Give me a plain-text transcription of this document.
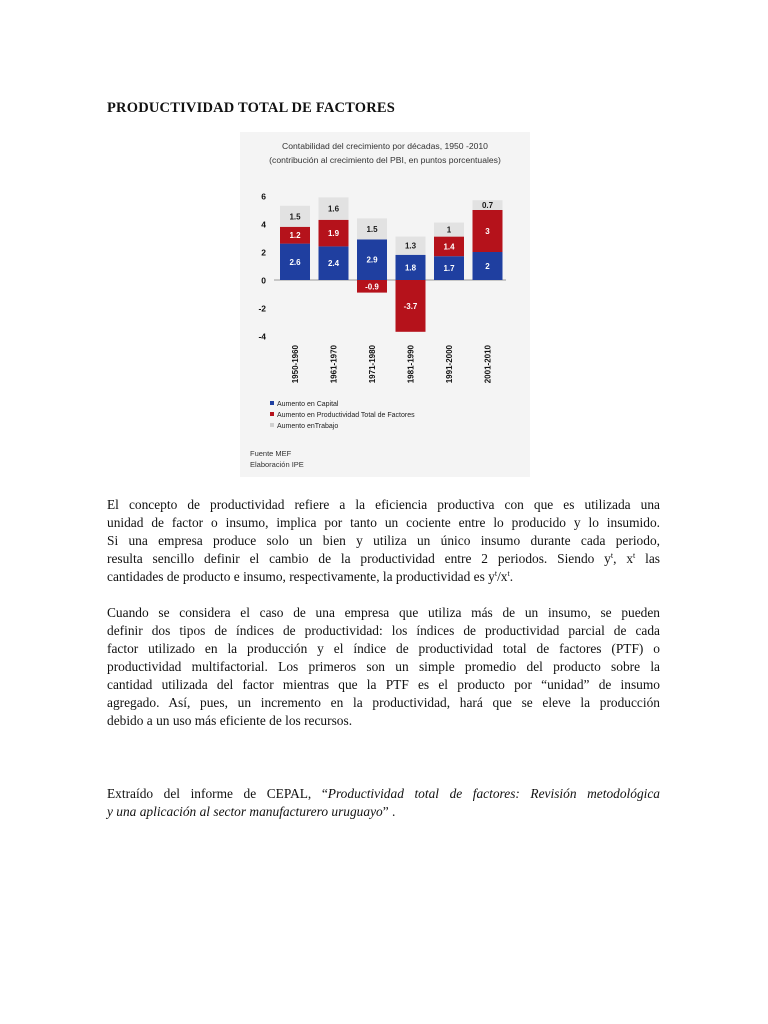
PRODUCTIVIDAD TOTAL DE FACTORES
Contabilidad del crecimiento por décadas, 1950 -2010
(contribución al crecimiento del PBI, en puntos porcentuales)
6
4
2
0
-2
-4
2.6
1.2
1.5
1950-1960
2.4
1.9
1.6
1961-1970
2.9
-0.9
1.5
1971-1980
1.8
-3.7
1.3
1981-1990
1.7
1.4
1
1991-2000
2
3
0.7
2001-2010
Aumento en Capital
Aumento en Productividad Total de Factores
Aumento enTrabajo
Fuente MEF
Elaboración IPE

El concepto de productividad refiere a la eficiencia productiva con que es utilizada una
unidad de factor o insumo, implica por tanto un cociente entre lo producido y lo insumido.
Si una empresa produce solo un bien y utiliza un único insumo durante cada periodo,
resulta sencillo definir el cambio de la productividad entre 2 periodos. Siendo $y^t$, $x^t$ las
cantidades de producto e insumo, respectivamente, la productividad es $y^t/x^t$.

Cuando se considera el caso de una empresa que utiliza más de un insumo, se pueden
definir dos tipos de índices de productividad: los índices de productividad parcial de cada
factor utilizado en la producción y el índice de productividad total de factores (PTF) o
productividad multifactorial. Los primeros son un simple promedio del producto sobre la
cantidad utilizada del factor mientras que la PTF es el producto por “unidad” de insumo
agregado. Así, pues, un incremento en la productividad, hará que se eleve la producción
debido a un uso más eficiente de los recursos.

Extraído del informe de CEPAL, “Productividad total de factores: Revisión metodológica
y una aplicación al sector manufacturero uruguayo” .
